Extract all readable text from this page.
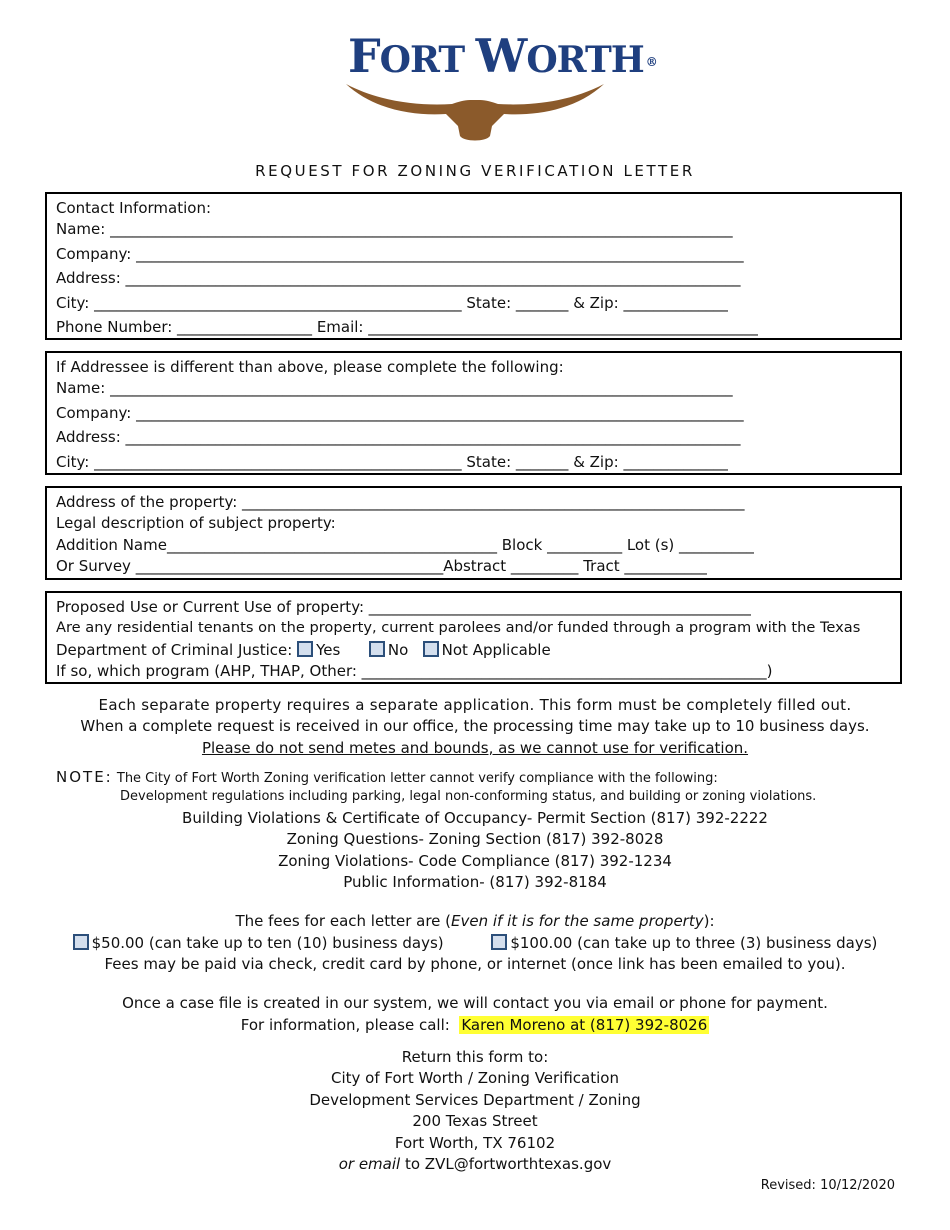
FORT WORTH ®
REQUEST FOR ZONING VERIFICATION LETTER
Contact Information:
Name: ___________________________________________________________________________________
Company: _________________________________________________________________________________
Address: __________________________________________________________________________________
City: _________________________________________________ State: _______ & Zip: ______________
Phone Number: __________________ Email: ____________________________________________________
If Addressee is different than above, please complete the following:
Name: ___________________________________________________________________________________
Company: _________________________________________________________________________________
Address: __________________________________________________________________________________
City: _________________________________________________ State: _______ & Zip: ______________
Address of the property: ___________________________________________________________________
Legal description of subject property:
Addition Name____________________________________________ Block __________ Lot (s) __________
Or Survey _________________________________________Abstract _________ Tract ___________
Proposed Use or Current Use of property: ___________________________________________________
Are any residential tenants on the property, current parolees and/or funded through a program with the Texas
Department of Criminal Justice: Yes	No Not Applicable
If so, which program (AHP, THAP, Other: ______________________________________________________)
Each separate property requires a separate application. This form must be completely filled out.
When a complete request is received in our office, the processing time may take up to 10 business days.
Please do not send metes and bounds, as we cannot use for verification.
NOTE: The City of Fort Worth Zoning verification letter cannot verify compliance with the following:
Development regulations including parking, legal non-conforming status, and building or zoning violations.
Building Violations & Certificate of Occupancy- Permit Section (817) 392-2222
Zoning Questions- Zoning Section (817) 392-8028
Zoning Violations- Code Compliance (817) 392-1234
Public Information- (817) 392-8184
The fees for each letter are (Even if it is for the same property):
$50.00 (can take up to ten (10) business days)	$100.00 (can take up to three (3) business days)
Fees may be paid via check, credit card by phone, or internet (once link has been emailed to you).
Once a case file is created in our system, we will contact you via email or phone for payment.
For information, please call: Karen Moreno at (817) 392-8026
Return this form to:
City of Fort Worth / Zoning Verification
Development Services Department / Zoning
200 Texas Street
Fort Worth, TX 76102
or email to ZVL@fortworthtexas.gov
Revised: 10/12/2020
